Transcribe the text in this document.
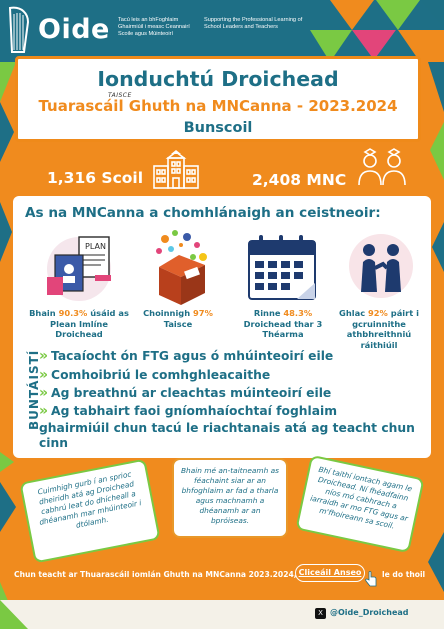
Oide Tacú leis an bhFoghlaim Ghairmiúil i measc Ceannairí Scoile agus Múinteoirí
Supporting the Professional Learning of School Leaders and Teachers
Ionduchtú Droichead
Tuarascáil Ghuth na MNCanna - 2023.2024
Bunscoil
1,316 Scoil	2,408 MNC
As na MNCanna a chomhlánaigh an ceistneoir:
PLAN
Bhain 90.3% úsáid as Plean Imlíne Droichead
Choinnigh 97% Taisce
Rinne 48.3% Droichead thar 3 Théarma
Ghlac 92% páirt i gcruinnithe athbhreithniú ráithiúil
TAISCE
» Tacaíocht ón FTG agus ó mhúinteoirí eile
» Comhoibriú le comhghleacaithe
» Ag breathnú ar cleachtas múinteoirí eile
» Ag tabhairt faoi gníomhaíochtaí foghlaim
ghairmiúil chun tacú le riachtanais atá ag teacht chun cinn
Cuimhigh gurb í an sprioc dheiridh atá ag Droichead cabhrú leat do dhícheall a dhéanamh mar mhúinteoir i dtólamh.
Bhain mé an-taitneamh as féachaint siar ar an bhfoghlaim ar fad a tharla agus machnamh a dhéanamh ar an bpróiseas.
Bhí taithí iontach agam le Droichead. Ní fhéadfainn níos mó cabhrach a iarraidh ar mo FTG agus ar m'fhoireann sa scoil.
Chun teacht ar Thuarascáil iomlán Ghuth na MNCanna 2023.2024, Cliceáil Anseo	le do thoil
X @Oide_Droichead
